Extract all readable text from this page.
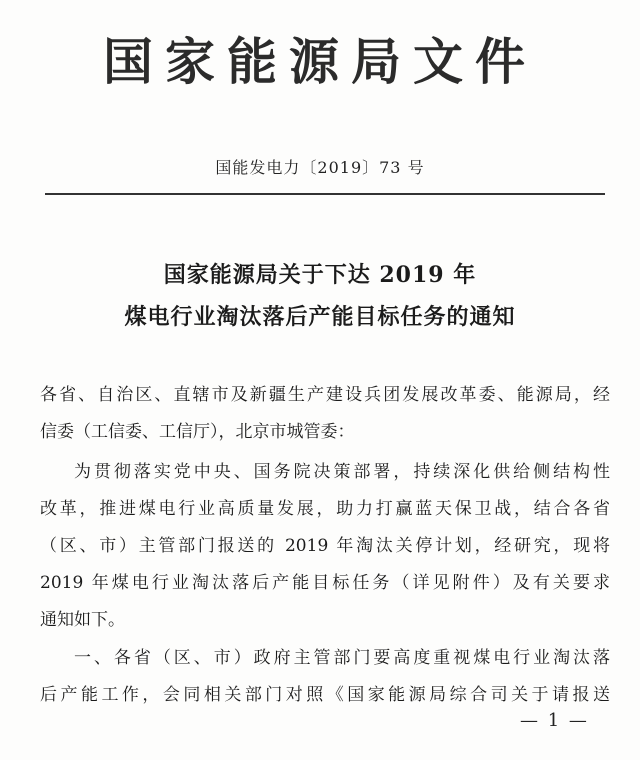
国家能源局文件
国能发电力〔2019〕73 号
国家能源局关于下达 2019 年
煤电行业淘汰落后产能目标任务的通知
各省、自治区、直辖市及新疆生产建设兵团发展改革委、能源局，经
信委（工信委、工信厅），北京市城管委：
为贯彻落实党中央、国务院决策部署，持续深化供给侧结构性
改革，推进煤电行业高质量发展，助力打赢蓝天保卫战，结合各省
（区、市）主管部门报送的 2019 年淘汰关停计划，经研究，现将
2019 年煤电行业淘汰落后产能目标任务（详见附件）及有关要求
通知如下。
一、各省（区、市）政府主管部门要高度重视煤电行业淘汰落
后产能工作，会同相关部门对照《国家能源局综合司关于请报送
— 1 —
